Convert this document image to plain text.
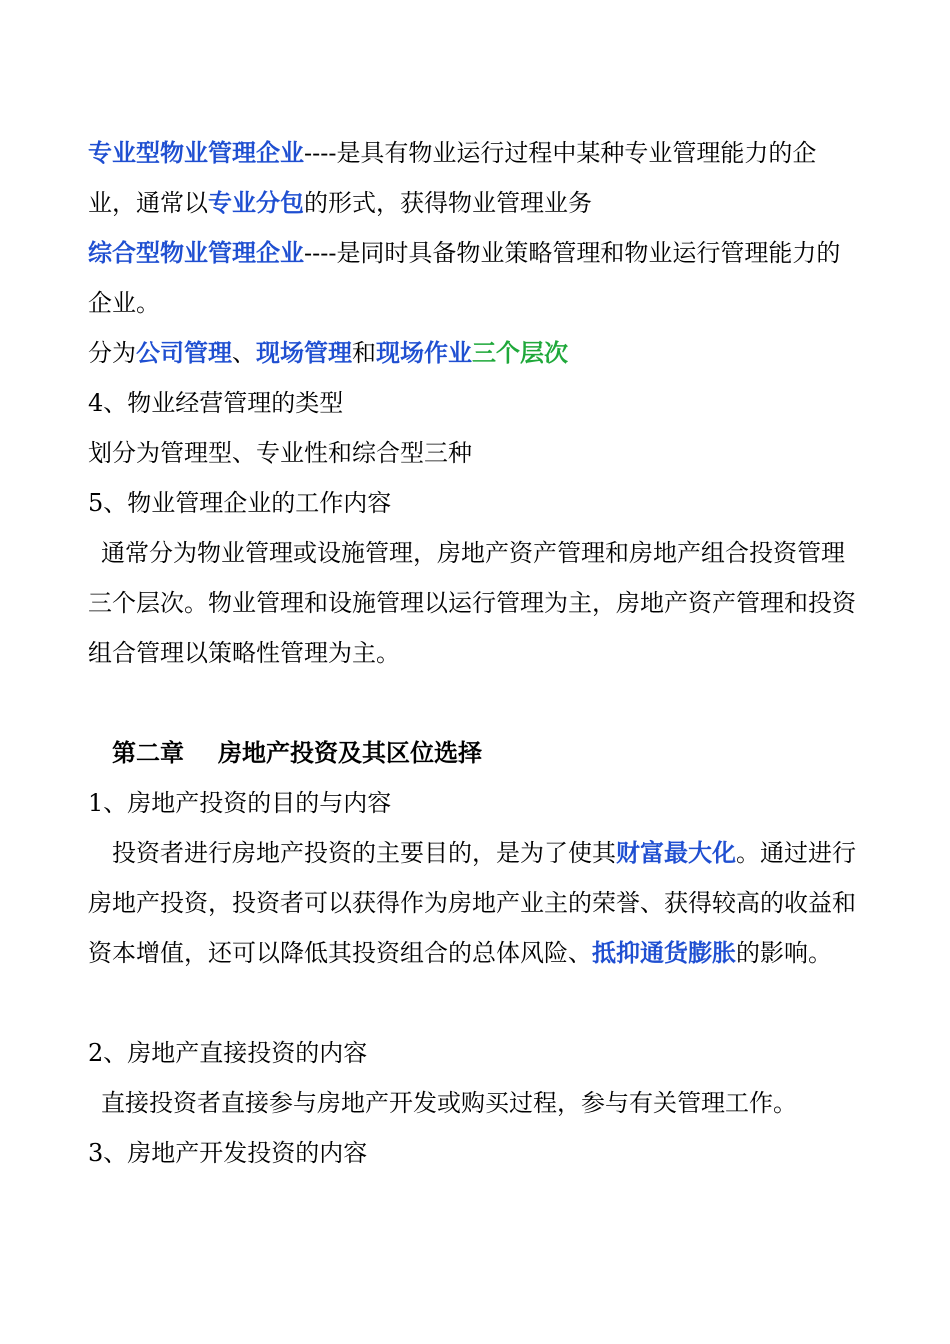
专业型物业管理企业----是具有物业运行过程中某种专业管理能力的企业，通常以专业分包的形式，获得物业管理业务

综合型物业管理企业----是同时具备物业策略管理和物业运行管理能力的企业。

分为公司管理、现场管理和现场作业三个层次

4、物业经营管理的类型

划分为管理型、专业性和综合型三种

5、物业管理企业的工作内容

通常分为物业管理或设施管理，房地产资产管理和房地产组合投资管理三个层次。物业管理和设施管理以运行管理为主，房地产资产管理和投资组合管理以策略性管理为主。

第二章 房地产投资及其区位选择

1、房地产投资的目的与内容

投资者进行房地产投资的主要目的，是为了使其财富最大化。通过进行房地产投资，投资者可以获得作为房地产业主的荣誉、获得较高的收益和资本增值，还可以降低其投资组合的总体风险、抵抑通货膨胀的影响。

2、房地产直接投资的内容

直接投资者直接参与房地产开发或购买过程，参与有关管理工作。

3、房地产开发投资的内容
